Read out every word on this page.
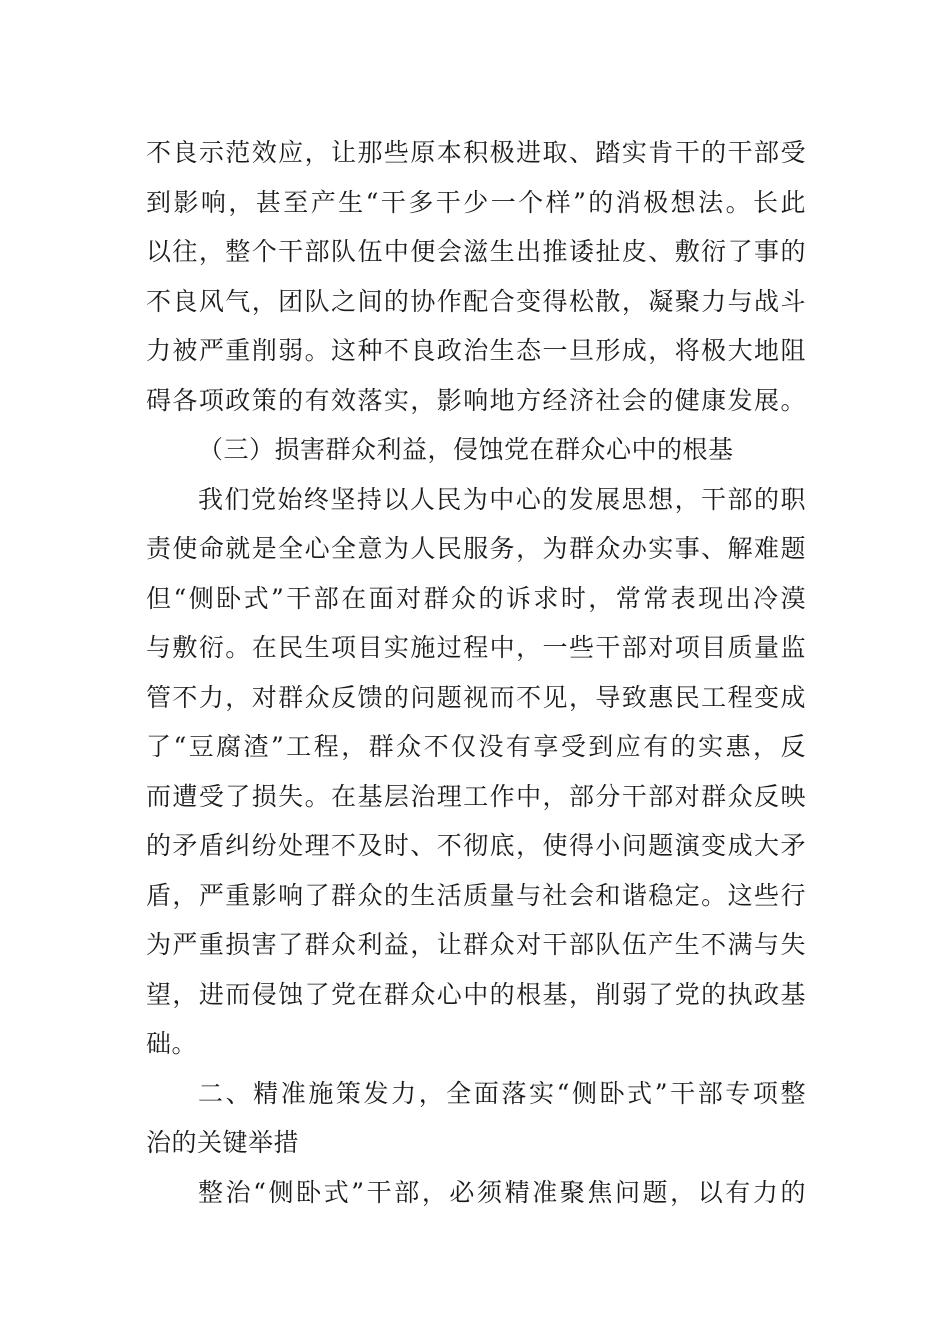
不良示范效应，让那些原本积极进取、踏实肯干的干部受
到影响，甚至产生“干多干少一个样”的消极想法。长此
以往，整个干部队伍中便会滋生出推诿扯皮、敷衍了事的
不良风气，团队之间的协作配合变得松散，凝聚力与战斗
力被严重削弱。这种不良政治生态一旦形成，将极大地阻
碍各项政策的有效落实，影响地方经济社会的健康发展。
（三）损害群众利益，侵蚀党在群众心中的根基
我们党始终坚持以人民为中心的发展思想，干部的职
责使命就是全心全意为人民服务，为群众办实事、解难题
但“侧卧式”干部在面对群众的诉求时，常常表现出冷漠
与敷衍。在民生项目实施过程中，一些干部对项目质量监
管不力，对群众反馈的问题视而不见，导致惠民工程变成
了“豆腐渣”工程，群众不仅没有享受到应有的实惠，反
而遭受了损失。在基层治理工作中，部分干部对群众反映
的矛盾纠纷处理不及时、不彻底，使得小问题演变成大矛
盾，严重影响了群众的生活质量与社会和谐稳定。这些行
为严重损害了群众利益，让群众对干部队伍产生不满与失
望，进而侵蚀了党在群众心中的根基，削弱了党的执政基
础。
二、精准施策发力，全面落实“侧卧式”干部专项整
治的关键举措
整治“侧卧式”干部，必须精准聚焦问题，以有力的
